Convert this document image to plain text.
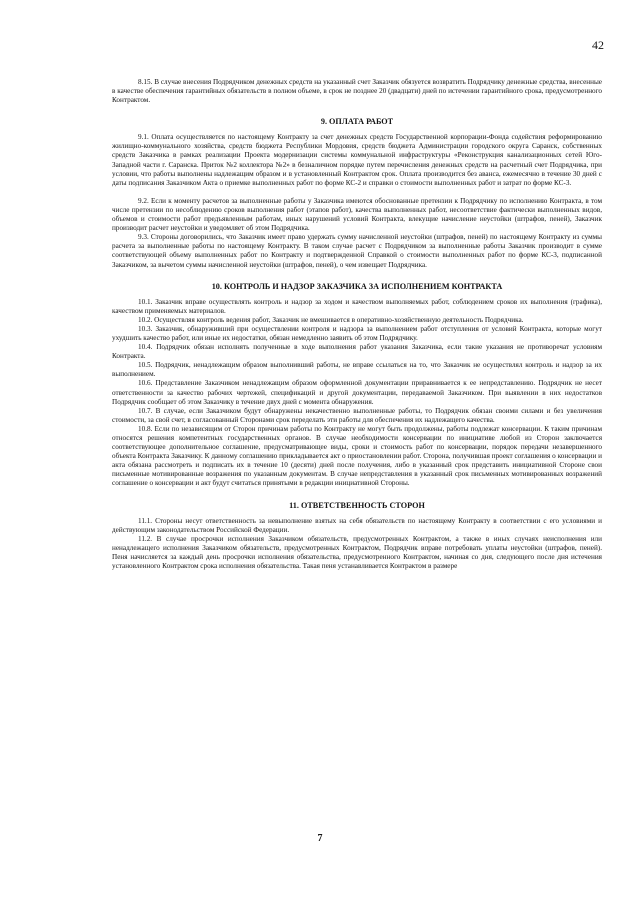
42

8.15. В случае внесения Подрядчиком денежных средств на указанный счет Заказчик обязуется возвратить Подрядчику денежные средства, внесенные в качестве обеспечения гарантийных обязательств в полном объеме, в срок не позднее 20 (двадцати) дней по истечении гарантийного срока, предусмотренного Контрактом.

9. ОПЛАТА РАБОТ

9.1. Оплата осуществляется по настоящему Контракту за счет денежных средств Государственной корпорации-Фонда содействия реформированию жилищно-коммунального хозяйства, средств бюджета Республики Мордовия, средств бюджета Администрации городского округа Саранск, собственных средств Заказчика в рамках реализации Проекта модернизации системы коммунальной инфраструктуры «Реконструкция канализационных сетей Юго-Западной части г. Саранска. Приток №2 коллектора №2» в безналичном порядке путем перечисления денежных средств на расчетный счет Подрядчика, при условии, что работы выполнены надлежащим образом и в установленный Контрактом срок. Оплата производится без аванса, ежемесячно в течение 30 дней с даты подписания Заказчиком Акта о приемке выполненных работ по форме КС-2 и справки о стоимости выполненных работ и затрат по форме КС-3.

9.2. Если к моменту расчетов за выполненные работы у Заказчика имеются обоснованные претензии к Подрядчику по исполнению Контракта, в том числе претензии по несоблюдению сроков выполнения работ (этапов работ), качества выполненных работ, несоответствие фактически выполненных видов, объемов и стоимости работ предъявленным работам, иных нарушений условий Контракта, влекущие начисление неустойки (штрафов, пеней), Заказчик производит расчет неустойки и уведомляет об этом Подрядчика.

9.3. Стороны договорились, что Заказчик имеет право удержать сумму начисленной неустойки (штрафов, пеней) по настоящему Контракту из суммы расчета за выполненные работы по настоящему Контракту. В таком случае расчет с Подрядчиком за выполненные работы Заказчик производит в сумме соответствующей объему выполненных работ по Контракту и подтвержденной Справкой о стоимости выполненных работ по форме КС-3, подписанной Заказчиком, за вычетом суммы начисленной неустойки (штрафов, пеней), о чем извещает Подрядчика.

10. КОНТРОЛЬ И НАДЗОР ЗАКАЗЧИКА ЗА ИСПОЛНЕНИЕМ КОНТРАКТА

10.1. Заказчик вправе осуществлять контроль и надзор за ходом и качеством выполняемых работ, соблюдением сроков их выполнения (графика), качеством применяемых материалов.

10.2. Осуществляя контроль ведения работ, Заказчик не вмешивается в оперативно-хозяйственную деятельность Подрядчика.

10.3. Заказчик, обнаруживший при осуществлении контроля и надзора за выполнением работ отступления от условий Контракта, которые могут ухудшить качество работ, или иные их недостатки, обязан немедленно заявить об этом Подрядчику.

10.4. Подрядчик обязан исполнять полученные в ходе выполнения работ указания Заказчика, если такие указания не противоречат условиям Контракта.

10.5. Подрядчик, ненадлежащим образом выполнивший работы, не вправе ссылаться на то, что Заказчик не осуществлял контроль и надзор за их выполнением.

10.6. Представление Заказчиком ненадлежащим образом оформленной документации приравнивается к ее непредставлению. Подрядчик не несет ответственности за качество рабочих чертежей, спецификаций и другой документации, передаваемой Заказчиком. При выявлении в них недостатков Подрядчик сообщает об этом Заказчику в течение двух дней с момента обнаружения.

10.7. В случае, если Заказчиком будут обнаружены некачественно выполненные работы, то Подрядчик обязан своими силами и без увеличения стоимости, за свой счет, в согласованный Сторонами срок переделать эти работы для обеспечения их надлежащего качества.

10.8. Если по независящим от Сторон причинам работы по Контракту не могут быть продолжены, работы подлежат консервации. К таким причинам относятся решения компетентных государственных органов. В случае необходимости консервации по инициативе любой из Сторон заключается соответствующее дополнительное соглашение, предусматривающее виды, сроки и стоимость работ по консервации, порядок передачи незавершенного объекта Контракта Заказчику. К данному соглашению прикладывается акт о приостановлении работ. Сторона, получившая проект соглашения о консервации и акта обязана рассмотреть и подписать их в течение 10 (десяти) дней после получения, либо в указанный срок представить инициативной Стороне свои письменные мотивированные возражения по указанным документам. В случае непредставления в указанный срок письменных мотивированных возражений соглашение о консервации и акт будут считаться принятыми в редакции инициативной Стороны.

11. ОТВЕТСТВЕННОСТЬ СТОРОН

11.1. Стороны несут ответственность за невыполнение взятых на себя обязательств по настоящему Контракту в соответствии с его условиями и действующим законодательством Российской Федерации.

11.2. В случае просрочки исполнения Заказчиком обязательств, предусмотренных Контрактом, а также в иных случаях неисполнения или ненадлежащего исполнения Заказчиком обязательств, предусмотренных Контрактом, Подрядчик вправе потребовать уплаты неустойки (штрафов, пеней). Пеня начисляется за каждый день просрочки исполнения обязательства, предусмотренного Контрактом, начиная со дня, следующего после дня истечения установленного Контрактом срока исполнения обязательства. Такая пеня устанавливается Контрактом в размере

7
